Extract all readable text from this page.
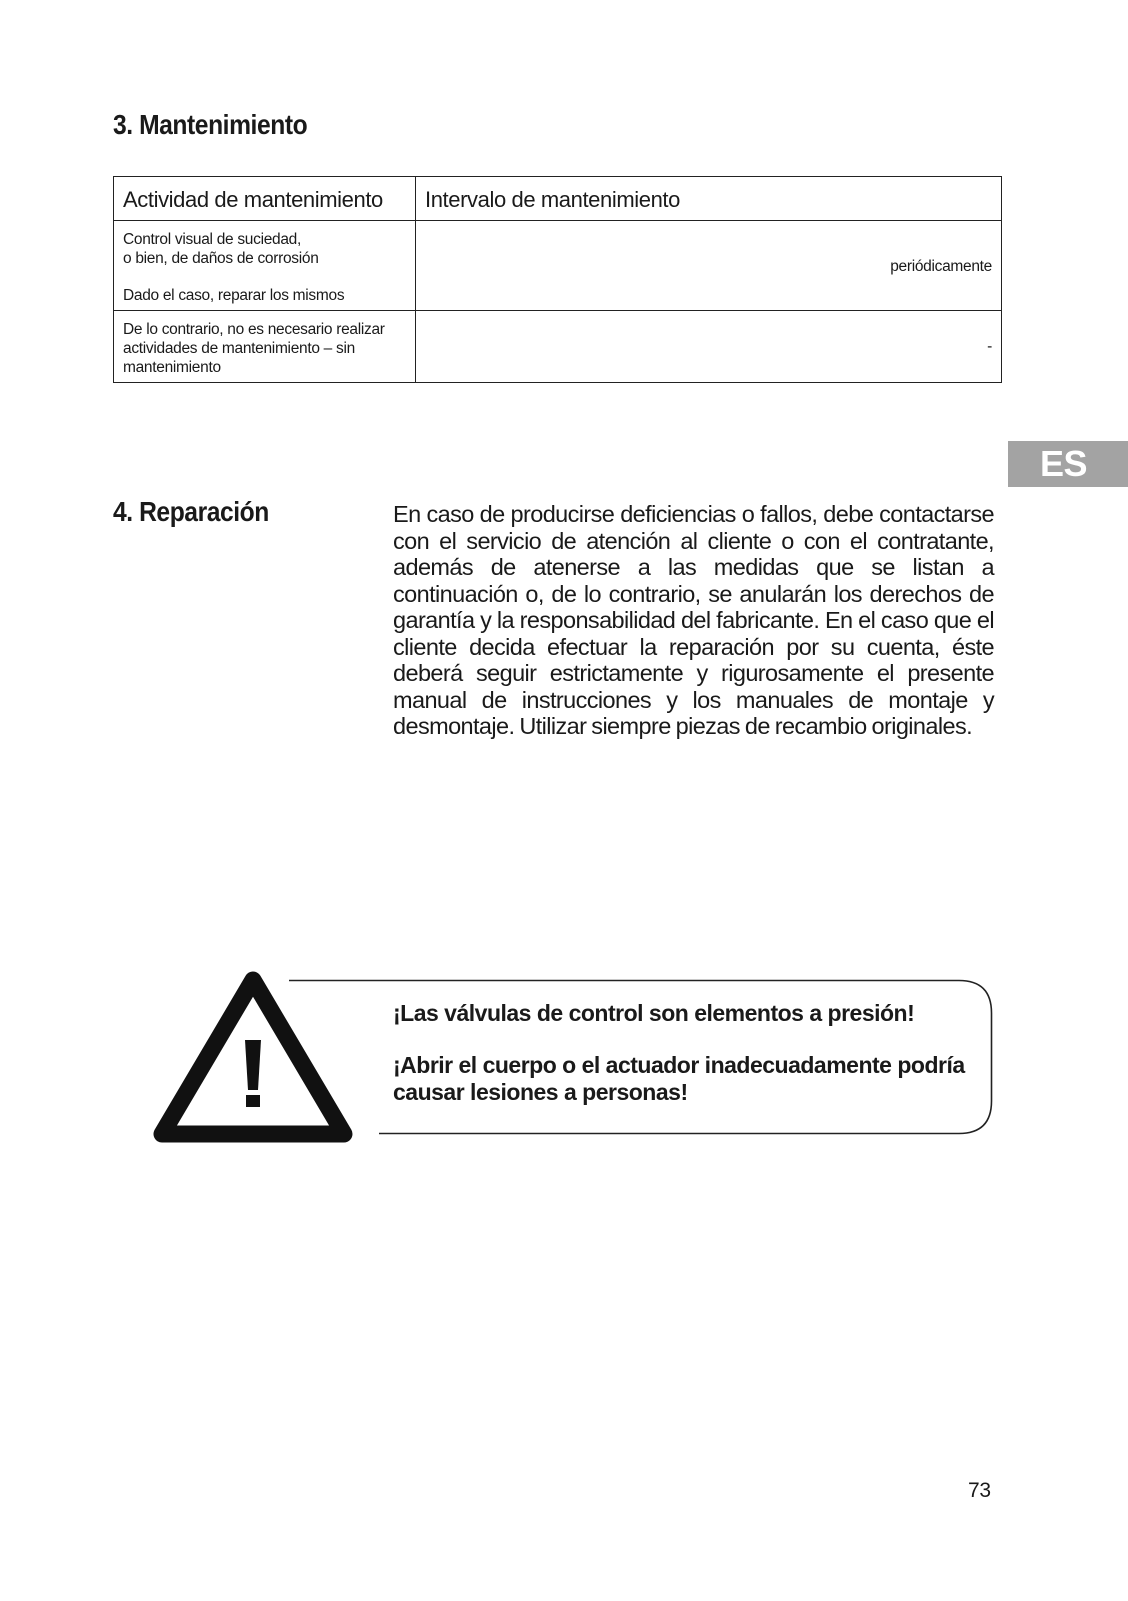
3. Mantenimiento
Actividad de mantenimiento	Intervalo de mantenimiento

Control visual de suciedad,
o bien, de daños de corrosión
Dado el caso, reparar los mismos	periódicamente

De lo contrario, no es necesario realizar
actividades de mantenimiento – sin
mantenimiento	-
ES
4. Reparación	En caso de producirse deficiencias o fallos, debe contactarse con el servicio de atención al cliente o con el contratante, además de atenerse a las medidas que se listan a continuación o, de lo contrario, se anularán los derechos de garantía y la responsabilidad del fabricante. En el caso que el cliente decida efectuar la reparación por su cuenta, éste deberá seguir estrictamente y rigurosamente el presente manual de instrucciones y los manuales de montaje y desmontaje. Utilizar siempre piezas de recambio originales.

¡Las válvulas de control son elementos a presión!

¡Abrir el cuerpo o el actuador inadecuadamente podría causar lesiones a personas!

73
